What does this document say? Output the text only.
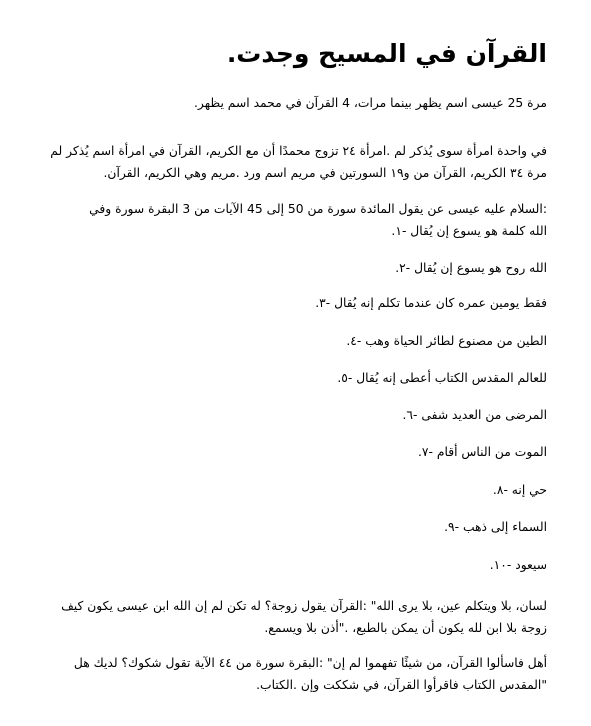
القرآن في المسيح وجدت.
مرة 25 عيسى اسم يظهر بينما مرات، 4 القرآن في محمد اسم يظهر.
في واحدة امرأة سوى يُذكر لم .امرأة ٢٤ تزوج محمدًا أن مع الكريم، القرآن في امرأة اسم يُذكر لم
مرة ٣٤ الكريم، القرآن من و١٩ السورتين في مريم اسم ورد .مريم وهي الكريم، القرآن.
:السلام عليه عيسى عن يقول المائدة سورة من 50 إلى 45 الآيات من 3 البقرة سورة وفي
الله كلمة هو يسوع إن يُقال -١.
الله روح هو يسوع إن يُقال -٢.
فقط يومين عمره كان عندما تكلم إنه يُقال -٣.
الطين من مصنوع لطائر الحياة وهب -٤.
للعالم المقدس الكتاب أعطى إنه يُقال -٥.
المرضى من العديد شفى -٦.
الموت من الناس أقام -٧.
حي إنه -٨.
السماء إلى ذهب -٩.
سيعود -١٠.
لسان، بلا ويتكلم عين، بلا يرى الله" :القرآن يقول زوجة؟ له تكن لم إن الله ابن عيسى يكون كيف
زوجة بلا ابن لله يكون أن يمكن بالطبع، ."أذن بلا ويسمع.
أهل فاسألوا القرآن، من شيئًا تفهموا لم إن" :البقرة سورة من ٤٤ الآية تقول شكوك؟ لديك هل
"المقدس الكتاب فاقرأوا القرآن، في شككت وإن .الكتاب.
